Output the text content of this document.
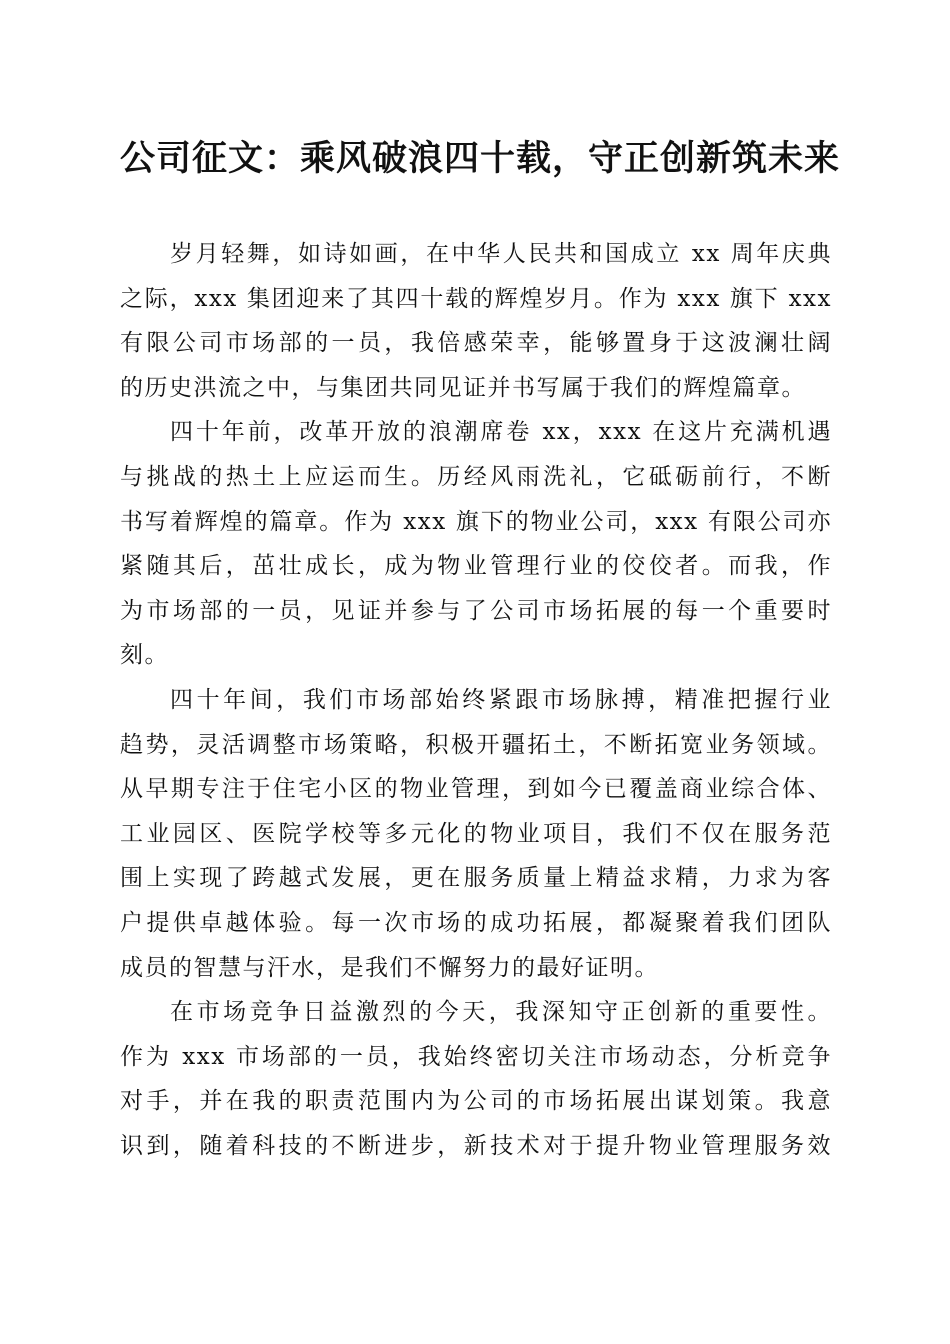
公司征文：乘风破浪四十载，守正创新筑未来
岁月轻舞，如诗如画，在中华人民共和国成立 xx 周年庆典
之际，xxx 集团迎来了其四十载的辉煌岁月。作为 xxx 旗下 xxx
有限公司市场部的一员，我倍感荣幸，能够置身于这波澜壮阔
的历史洪流之中，与集团共同见证并书写属于我们的辉煌篇章。
四十年前，改革开放的浪潮席卷 xx，xxx 在这片充满机遇
与挑战的热土上应运而生。历经风雨洗礼，它砥砺前行，不断
书写着辉煌的篇章。作为 xxx 旗下的物业公司，xxx 有限公司亦
紧随其后，茁壮成长，成为物业管理行业的佼佼者。而我，作
为市场部的一员，见证并参与了公司市场拓展的每一个重要时
刻。
四十年间，我们市场部始终紧跟市场脉搏，精准把握行业
趋势，灵活调整市场策略，积极开疆拓土，不断拓宽业务领域。
从早期专注于住宅小区的物业管理，到如今已覆盖商业综合体、
工业园区、医院学校等多元化的物业项目，我们不仅在服务范
围上实现了跨越式发展，更在服务质量上精益求精，力求为客
户提供卓越体验。每一次市场的成功拓展，都凝聚着我们团队
成员的智慧与汗水，是我们不懈努力的最好证明。
在市场竞争日益激烈的今天，我深知守正创新的重要性。
作为 xxx 市场部的一员，我始终密切关注市场动态，分析竞争
对手，并在我的职责范围内为公司的市场拓展出谋划策。我意
识到，随着科技的不断进步，新技术对于提升物业管理服务效
